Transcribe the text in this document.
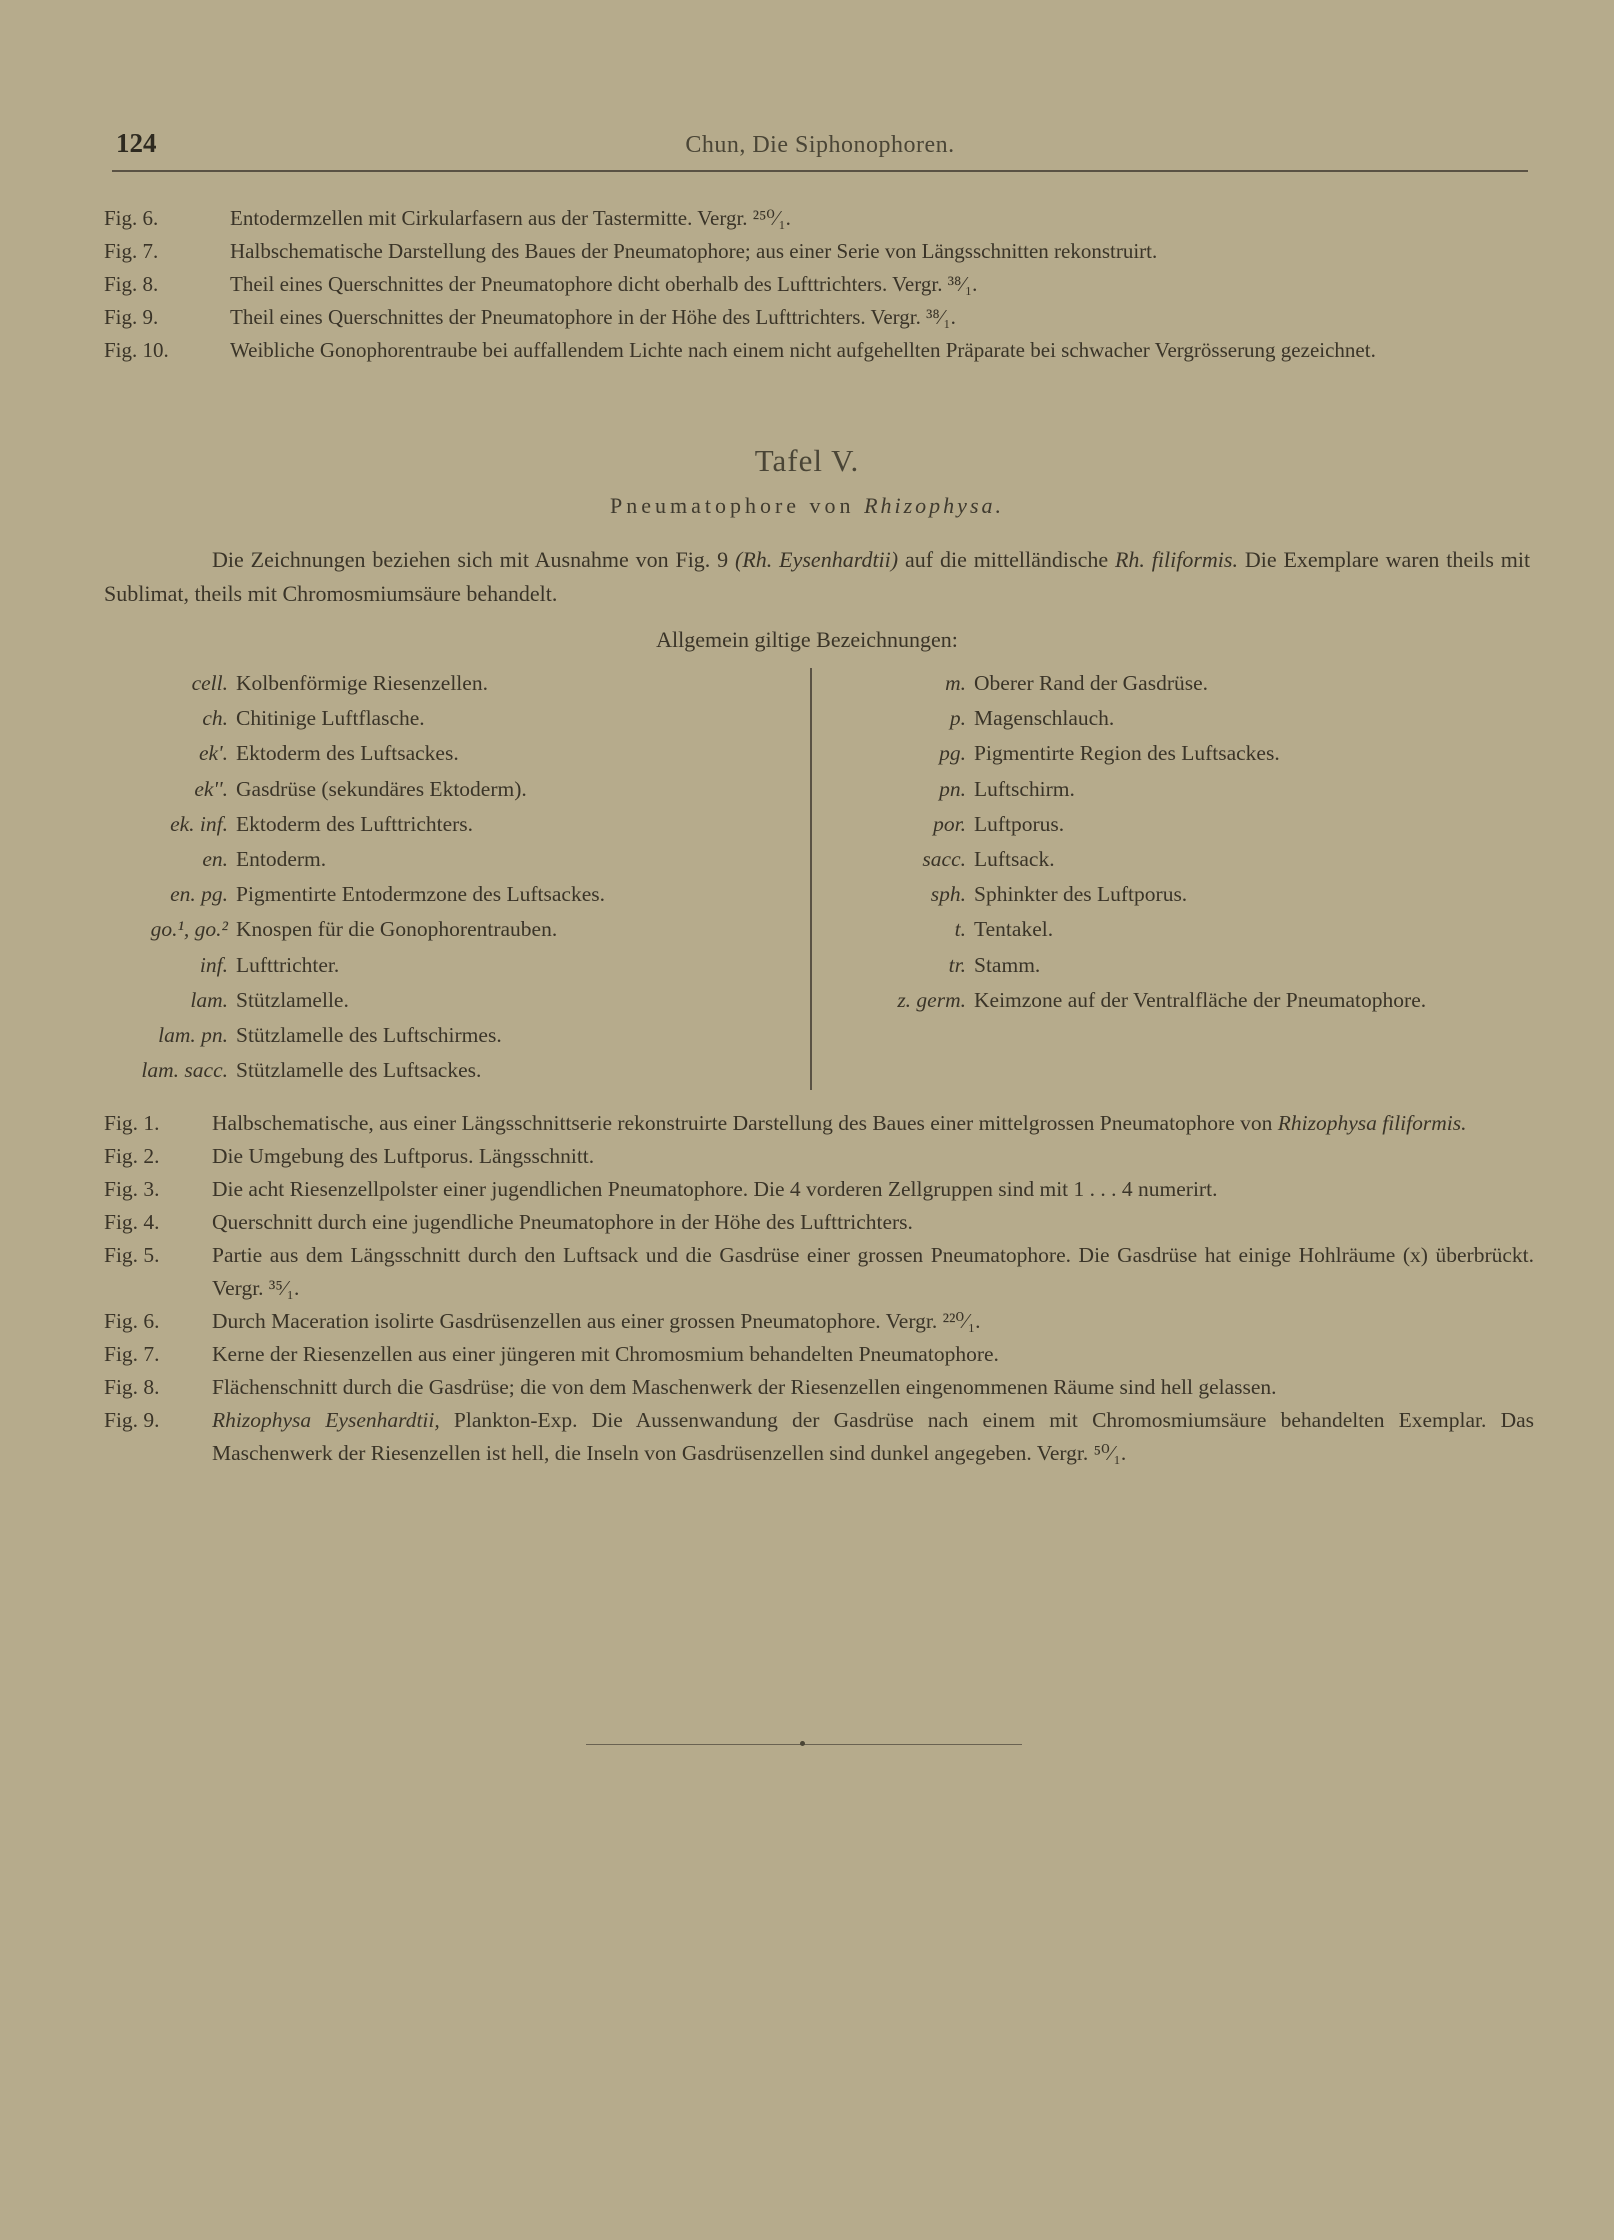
124	Chun, Die Siphonophoren.
Fig. 6.	Entodermzellen mit Cirkularfasern aus der Tastermitte. Vergr. ²⁵⁰⁄₁.
Fig. 7.	Halbschematische Darstellung des Baues der Pneumatophore; aus einer Serie von Längsschnitten rekonstruirt.
Fig. 8.	Theil eines Querschnittes der Pneumatophore dicht oberhalb des Lufttrichters. Vergr. ³⁸⁄₁.
Fig. 9.	Theil eines Querschnittes der Pneumatophore in der Höhe des Lufttrichters. Vergr. ³⁸⁄₁.
Fig. 10.	Weibliche Gonophorentraube bei auffallendem Lichte nach einem nicht aufgehellten Präparate bei schwacher Vergrösserung gezeichnet.
Tafel V.
Pneumatophore von Rhizophysa.
Die Zeichnungen beziehen sich mit Ausnahme von Fig. 9 (Rh. Eysenhardtii) auf die mittelländische Rh. filiformis. Die Exemplare waren theils mit Sublimat, theils mit Chromosmiumsäure behandelt.
Allgemein giltige Bezeichnungen:
cell. Kolbenförmige Riesenzellen.
ch. Chitinige Luftflasche.
ek'. Ektoderm des Luftsackes.
ek''. Gasdrüse (sekundäres Ektoderm).
ek. inf. Ektoderm des Lufttrichters.
en. Entoderm.
en. pg. Pigmentirte Entodermzone des Luftsackes.
go.¹, go.² Knospen für die Gonophorentrauben.
inf. Lufttrichter.
lam. Stützlamelle.
lam. pn. Stützlamelle des Luftschirmes.
lam. sacc. Stützlamelle des Luftsackes.
m. Oberer Rand der Gasdrüse.
p. Magenschlauch.
pg. Pigmentirte Region des Luftsackes.
pn. Luftschirm.
por. Luftporus.
sacc. Luftsack.
sph. Sphinkter des Luftporus.
t. Tentakel.
tr. Stamm.
z. germ. Keimzone auf der Ventralfläche der Pneumatophore.
Fig. 1.	Halbschematische, aus einer Längsschnittserie rekonstruirte Darstellung des Baues einer mittelgrossen Pneumatophore von Rhizophysa filiformis.
Fig. 2.	Die Umgebung des Luftporus. Längsschnitt.
Fig. 3.	Die acht Riesenzellpolster einer jugendlichen Pneumatophore. Die 4 vorderen Zellgruppen sind mit 1 . . . 4 numerirt.
Fig. 4.	Querschnitt durch eine jugendliche Pneumatophore in der Höhe des Lufttrichters.
Fig. 5.	Partie aus dem Längsschnitt durch den Luftsack und die Gasdrüse einer grossen Pneumatophore. Die Gasdrüse hat einige Hohlräume (x) überbrückt. Vergr. ³⁵⁄₁.
Fig. 6.	Durch Maceration isolirte Gasdrüsenzellen aus einer grossen Pneumatophore. Vergr. ²²⁰⁄₁.
Fig. 7.	Kerne der Riesenzellen aus einer jüngeren mit Chromosmium behandelten Pneumatophore.
Fig. 8.	Flächenschnitt durch die Gasdrüse; die von dem Maschenwerk der Riesenzellen eingenommenen Räume sind hell gelassen.
Fig. 9.	Rhizophysa Eysenhardtii, Plankton-Exp. Die Aussenwandung der Gasdrüse nach einem mit Chromosmiumsäure behandelten Exemplar. Das Maschenwerk der Riesenzellen ist hell, die Inseln von Gasdrüsenzellen sind dunkel angegeben. Vergr. ⁵⁰⁄₁.
